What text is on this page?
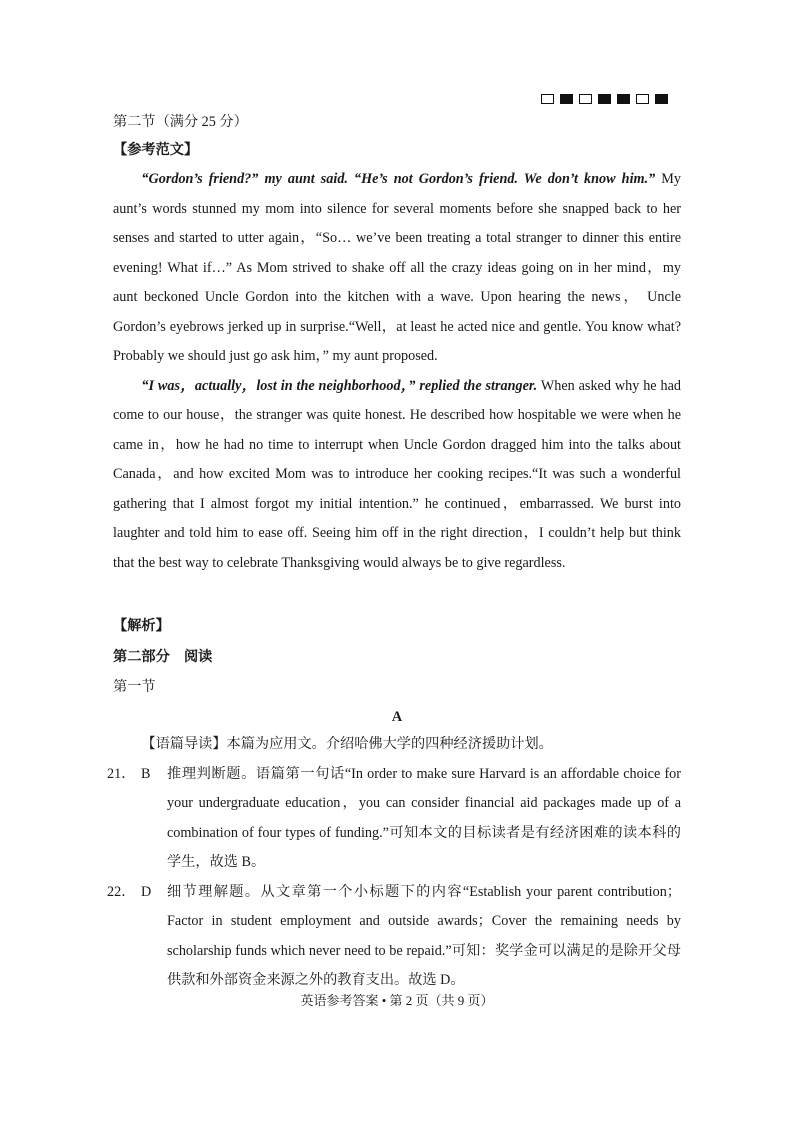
第二节（满分 25 分）

【参考范文】

“Gordon’s friend?” my aunt said. “He’s not Gordon’s friend. We don’t know him.” My aunt’s words stunned my mom into silence for several moments before she snapped back to her senses and started to utter again，“So… we’ve been treating a total stranger to dinner this entire evening! What if…” As Mom strived to shake off all the crazy ideas going on in her mind，my aunt beckoned Uncle Gordon into the kitchen with a wave. Upon hearing the news， Uncle Gordon’s eyebrows jerked up in surprise.“Well，at least he acted nice and gentle. You know what? Probably we should just go ask him，” my aunt proposed.

“I was，actually，lost in the neighborhood，” replied the stranger. When asked why he had come to our house，the stranger was quite honest. He described how hospitable we were when he came in，how he had no time to interrupt when Uncle Gordon dragged him into the talks about Canada，and how excited Mom was to introduce her cooking recipes.“It was such a wonderful gathering that I almost forgot my initial intention.” he continued，embarrassed. We burst into laughter and told him to ease off. Seeing him off in the right direction，I couldn’t help but think that the best way to celebrate Thanksgiving would always be to give regardless.

【解析】

第二部分　阅读

第一节

A

【语篇导读】本篇为应用文。介绍哈佛大学的四种经济援助计划。

21． B	推理判断题。语篇第一句话“In order to make sure Harvard is an affordable choice for your undergraduate education，you can consider financial aid packages made up of a combination of four types of funding.”可知本文的目标读者是有经济困难的读本科的学生，故选 B。
22． D	细节理解题。从文章第一个小标题下的内容“Establish your parent contribution；Factor in student employment and outside awards；Cover the remaining needs by scholarship funds which never need to be repaid.”可知：奖学金可以满足的是除开父母供款和外部资金来源之外的教育支出。故选 D。
英语参考答案 • 第 2 页（共 9 页）
